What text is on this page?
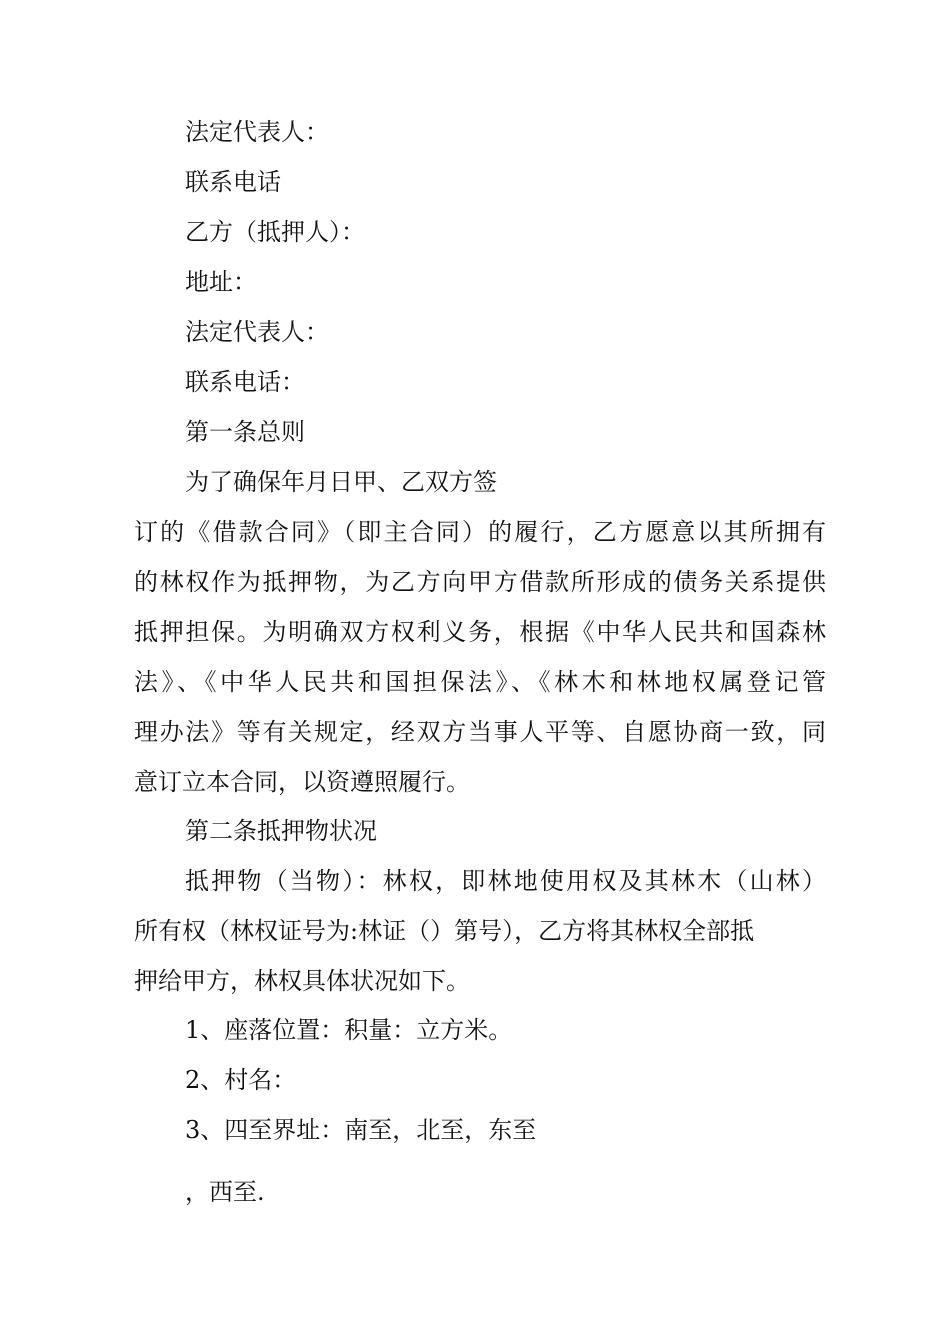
法定代表人：

联系电话

乙方（抵押人）：

地址：

法定代表人：

联系电话：

第一条总则

为了确保年月日甲、乙双方签

订的《借款合同》（即主合同）的履行，乙方愿意以其所拥有
的林权作为抵押物，为乙方向甲方借款所形成的债务关系提供
抵押担保。为明确双方权利义务，根据《中华人民共和国森林
法》、《中华人民共和国担保法》、《林木和林地权属登记管
理办法》等有关规定，经双方当事人平等、自愿协商一致，同
意订立本合同，以资遵照履行。

第二条抵押物状况

抵押物（当物）：林权，即林地使用权及其林木（山林）
所有权（林权证号为:林证（）第号），乙方将其林权全部抵
押给甲方，林权具体状况如下。

1、座落位置：积量：立方米。

2、村名：

3、四至界址：南至，北至，东至

，西至.
